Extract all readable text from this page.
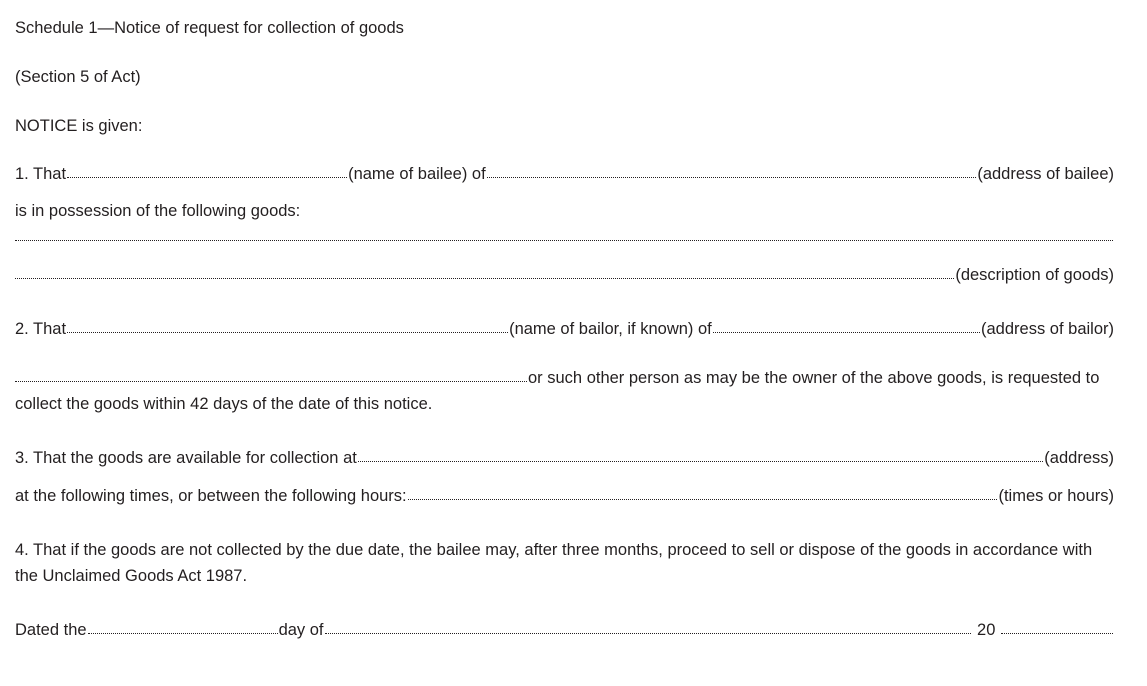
Schedule 1—Notice of request for collection of goods
(Section 5 of Act)
NOTICE is given:
1. That	(name of bailee) of	(address of bailee)
is in possession of the following goods:
(description of goods)
2. That	(name of bailor, if known) of	(address of bailor)
or such other person as may be the owner of the above goods, is requested to
collect the goods within 42 days of the date of this notice.
3. That the goods are available for collection at	(address)
at the following times, or between the following hours:	(times or hours)
4. That if the goods are not collected by the due date, the bailee may, after three months, proceed to sell or dispose of the goods in accordance with
the Unclaimed Goods Act 1987.
Dated the	day of	20
